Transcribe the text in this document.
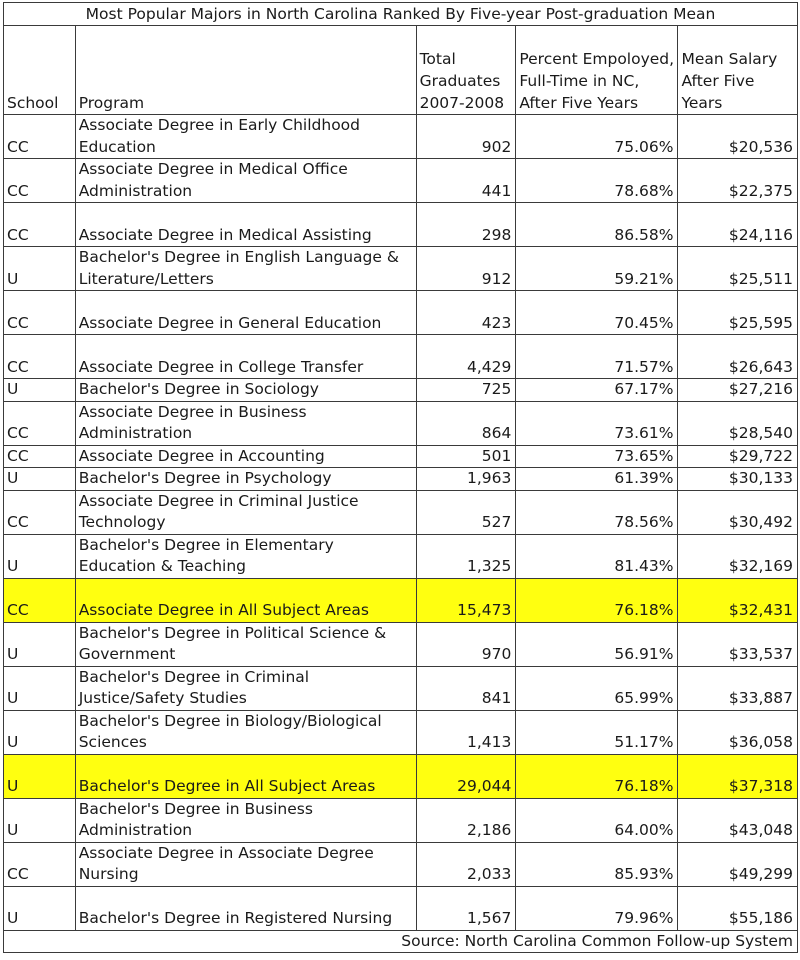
Most Popular Majors in North Carolina Ranked By Five-year Post-graduation Mean				
School	Program	Total Graduates 2007-2008	Percent Empoloyed, Full-Time in NC, After Five Years	Mean Salary After Five Years
CC	Associate Degree in Early Childhood Education	902	75.06%	$20,536
CC	Associate Degree in Medical Office Administration	441	78.68%	$22,375
CC	Associate Degree in Medical Assisting	298	86.58%	$24,116
U	Bachelor's Degree in English Language & Literature/Letters	912	59.21%	$25,511
CC	Associate Degree in General Education	423	70.45%	$25,595
CC	Associate Degree in College Transfer	4,429	71.57%	$26,643
U	Bachelor's Degree in Sociology	725	67.17%	$27,216
CC	Associate Degree in Business Administration	864	73.61%	$28,540
CC	Associate Degree in Accounting	501	73.65%	$29,722
U	Bachelor's Degree in Psychology	1,963	61.39%	$30,133
CC	Associate Degree in Criminal Justice Technology	527	78.56%	$30,492
U	Bachelor's Degree in Elementary Education & Teaching	1,325	81.43%	$32,169
CC	Associate Degree in All Subject Areas	15,473	76.18%	$32,431
U	Bachelor's Degree in Political Science & Government	970	56.91%	$33,537
U	Bachelor's Degree in Criminal Justice/Safety Studies	841	65.99%	$33,887
U	Bachelor's Degree in Biology/Biological Sciences	1,413	51.17%	$36,058
U	Bachelor's Degree in All Subject Areas	29,044	76.18%	$37,318
U	Bachelor's Degree in Business Administration	2,186	64.00%	$43,048
CC	Associate Degree in Associate Degree Nursing	2,033	85.93%	$49,299
U	Bachelor's Degree in Registered Nursing	1,567	79.96%	$55,186
Source: North Carolina Common Follow-up System				
